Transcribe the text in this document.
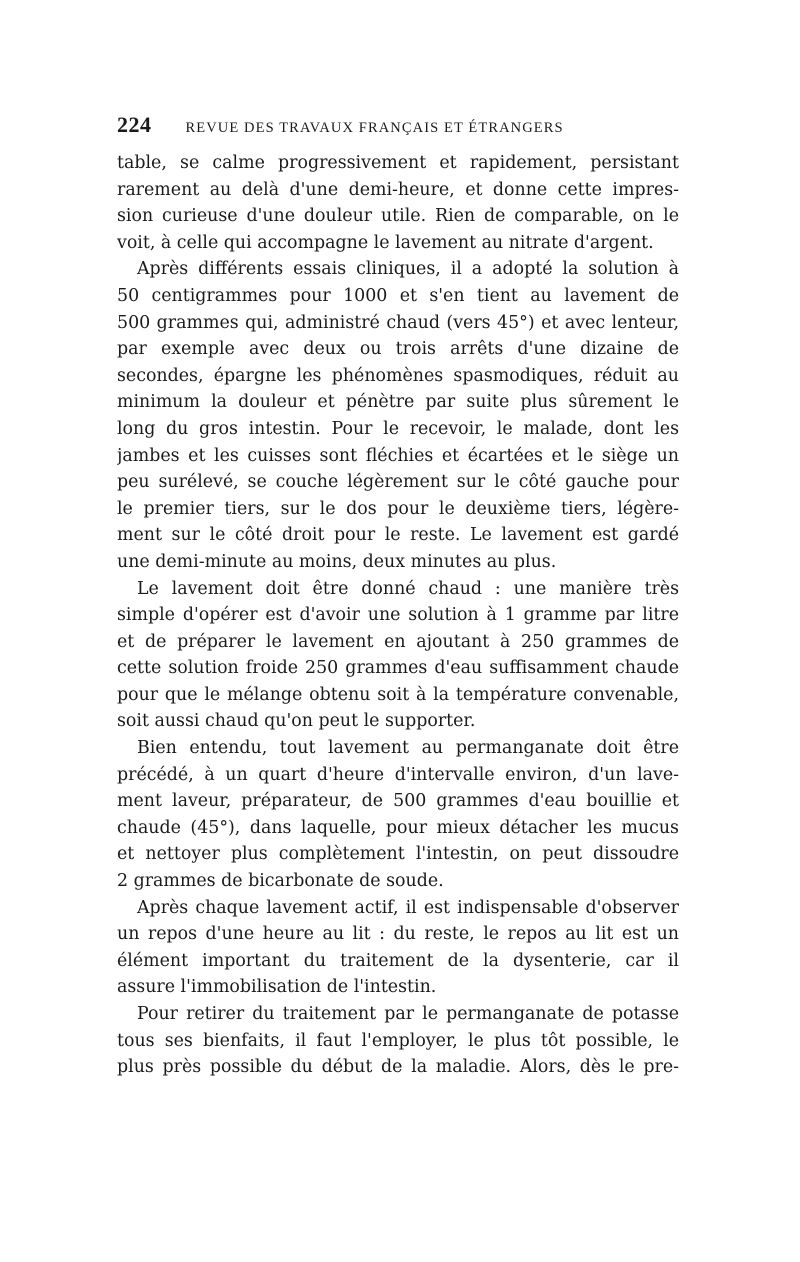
224 REVUE DES TRAVAUX FRANÇAIS ET ÉTRANGERS

table, se calme progressivement et rapidement, persistant
rarement au delà d'une demi-heure, et donne cette impres-
sion curieuse d'une douleur utile. Rien de comparable, on le
voit, à celle qui accompagne le lavement au nitrate d'argent.

Après différents essais cliniques, il a adopté la solution à
50 centigrammes pour 1000 et s'en tient au lavement de
500 grammes qui, administré chaud (vers 45°) et avec lenteur,
par exemple avec deux ou trois arrêts d'une dizaine de
secondes, épargne les phénomènes spasmodiques, réduit au
minimum la douleur et pénètre par suite plus sûrement le
long du gros intestin. Pour le recevoir, le malade, dont les
jambes et les cuisses sont fléchies et écartées et le siège un
peu surélevé, se couche légèrement sur le côté gauche pour
le premier tiers, sur le dos pour le deuxième tiers, légère-
ment sur le côté droit pour le reste. Le lavement est gardé
une demi-minute au moins, deux minutes au plus.

Le lavement doit être donné chaud : une manière très
simple d'opérer est d'avoir une solution à 1 gramme par litre
et de préparer le lavement en ajoutant à 250 grammes de
cette solution froide 250 grammes d'eau suffisamment chaude
pour que le mélange obtenu soit à la température convenable,
soit aussi chaud qu'on peut le supporter.

Bien entendu, tout lavement au permanganate doit être
précédé, à un quart d'heure d'intervalle environ, d'un lave-
ment laveur, préparateur, de 500 grammes d'eau bouillie et
chaude (45°), dans laquelle, pour mieux détacher les mucus
et nettoyer plus complètement l'intestin, on peut dissoudre
2 grammes de bicarbonate de soude.

Après chaque lavement actif, il est indispensable d'observer
un repos d'une heure au lit : du reste, le repos au lit est un
élément important du traitement de la dysenterie, car il
assure l'immobilisation de l'intestin.

Pour retirer du traitement par le permanganate de potasse
tous ses bienfaits, il faut l'employer, le plus tôt possible, le
plus près possible du début de la maladie. Alors, dès le pre-
